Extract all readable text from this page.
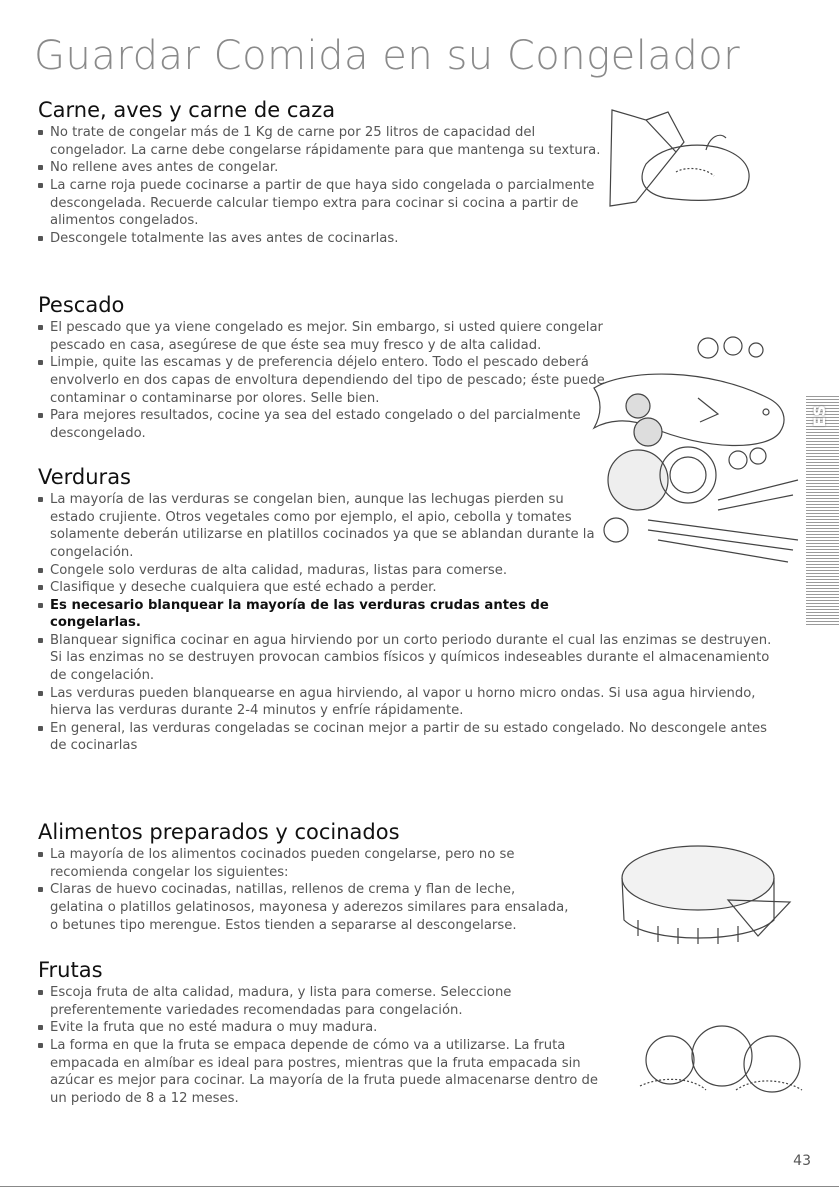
Guardar Comida en su Congelador
Carne, aves y carne de caza
No trate de congelar más de 1 Kg de carne por 25 litros de capacidad del congelador. La carne debe congelarse rápidamente para que mantenga su textura.
No rellene aves antes de congelar.
La carne roja puede cocinarse a partir de que haya sido congelada o parcialmente descongelada. Recuerde calcular tiempo extra para cocinar si cocina a partir de alimentos congelados.
Descongele totalmente las aves antes de cocinarlas.
Pescado
El pescado que ya viene congelado es mejor. Sin embargo, si usted quiere congelar pescado en casa, asegúrese de que éste sea muy fresco y de alta calidad.
Limpie, quite las escamas y de preferencia déjelo entero. Todo el pescado deberá envolverlo en dos capas de envoltura dependiendo del tipo de pescado; éste puede contaminar o contaminarse por olores. Selle bien.
Para mejores resultados, cocine ya sea del estado congelado o del parcialmente descongelado.
Verduras
La mayoría de las verduras se congelan bien, aunque las lechugas pierden su estado crujiente. Otros vegetales como por ejemplo, el apio, cebolla y tomates solamente deberán utilizarse en platillos cocinados ya que se ablandan durante la congelación.
Congele solo verduras de alta calidad, maduras, listas para comerse.
Clasifique y deseche cualquiera que esté echado a perder.
Es necesario blanquear la mayoría de las verduras crudas antes de congelarlas.
Blanquear significa cocinar en agua hirviendo por un corto periodo durante el cual las enzimas se destruyen. Si las enzimas no se destruyen provocan cambios físicos y químicos indeseables durante el almacenamiento de congelación.
Las verduras pueden blanquearse en agua hirviendo, al vapor u horno micro ondas. Si usa agua hirviendo, hierva las verduras durante 2-4 minutos y enfríe rápidamente.
En general, las verduras congeladas se cocinan mejor a partir de su estado congelado. No descongele antes de cocinarlas
Alimentos preparados y cocinados
La mayoría de los alimentos cocinados pueden congelarse, pero no se recomienda congelar los siguientes:
Claras de huevo cocinadas, natillas, rellenos de crema y flan de leche, gelatina o platillos gelatinosos, mayonesa y aderezos similares para ensalada, o betunes tipo merengue. Estos tienden a separarse al descongelarse.
Frutas
Escoja fruta de alta calidad, madura, y lista para comerse. Seleccione preferentemente variedades recomendadas para congelación.
Evite la fruta que no esté madura o muy madura.
La forma en que la fruta se empaca depende de cómo va a utilizarse. La fruta empacada en almíbar es ideal para postres, mientras que la fruta empacada sin azúcar es mejor para cocinar. La mayoría de la fruta puede almacenarse dentro de un periodo de 8 a 12 meses.
ES
43
